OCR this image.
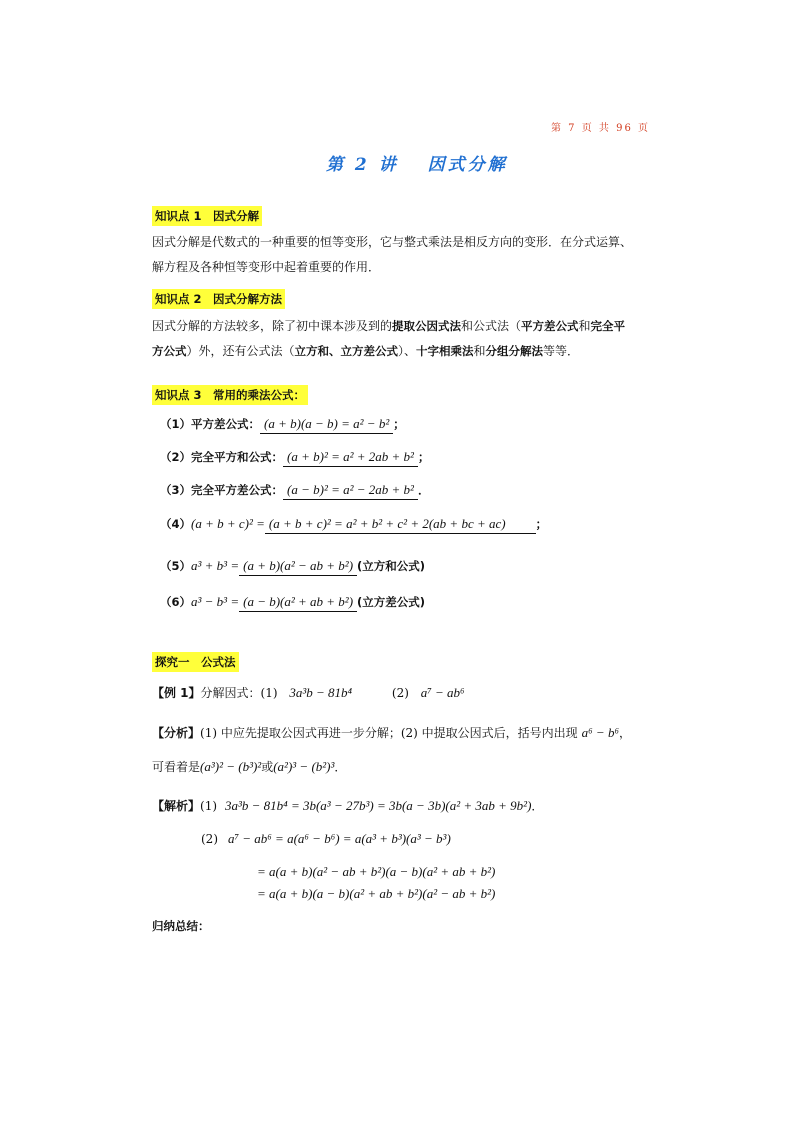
第 7 页 共 96 页
第 2 讲　 因式分解
知识点 1　因式分解
因式分解是代数式的一种重要的恒等变形，它与整式乘法是相反方向的变形．在分式运算、
解方程及各种恒等变形中起着重要的作用．
知识点 2　因式分解方法
因式分解的方法较多，除了初中课本涉及到的提取公因式法和公式法（平方差公式和完全平
方公式）外，还有公式法（立方和、立方差公式）、十字相乘法和分组分解法等等．
知识点 3　常用的乘法公式：
（1）平方差公式： (a + b)(a − b) = a² − b² ；
（2）完全平方和公式： (a + b)² = a² + 2ab + b² ；
（3）完全平方差公式： (a − b)² = a² − 2ab + b² ．
（4）(a + b + c)² = (a + b + c)² = a² + b² + c² + 2(ab + bc + ac)	；
（5）a³ + b³ = (a + b)(a² − ab + b²) (立方和公式)
（6）a³ − b³ = (a − b)(a² + ab + b²) (立方差公式)
探究一　公式法
【例 1】分解因式：(1) 3a³b − 81b⁴	(2) a⁷ − ab⁶
【分析】(1) 中应先提取公因式再进一步分解；(2) 中提取公因式后，括号内出现 a⁶ − b⁶，
可看着是(a³)² − (b³)²或(a²)³ − (b²)³．
【解析】(1) 3a³b − 81b⁴ = 3b(a³ − 27b³) = 3b(a − 3b)(a² + 3ab + 9b²)．
(2) a⁷ − ab⁶ = a(a⁶ − b⁶) = a(a³ + b³)(a³ − b³)
= a(a + b)(a² − ab + b²)(a − b)(a² + ab + b²)
= a(a + b)(a − b)(a² + ab + b²)(a² − ab + b²)
归纳总结：
